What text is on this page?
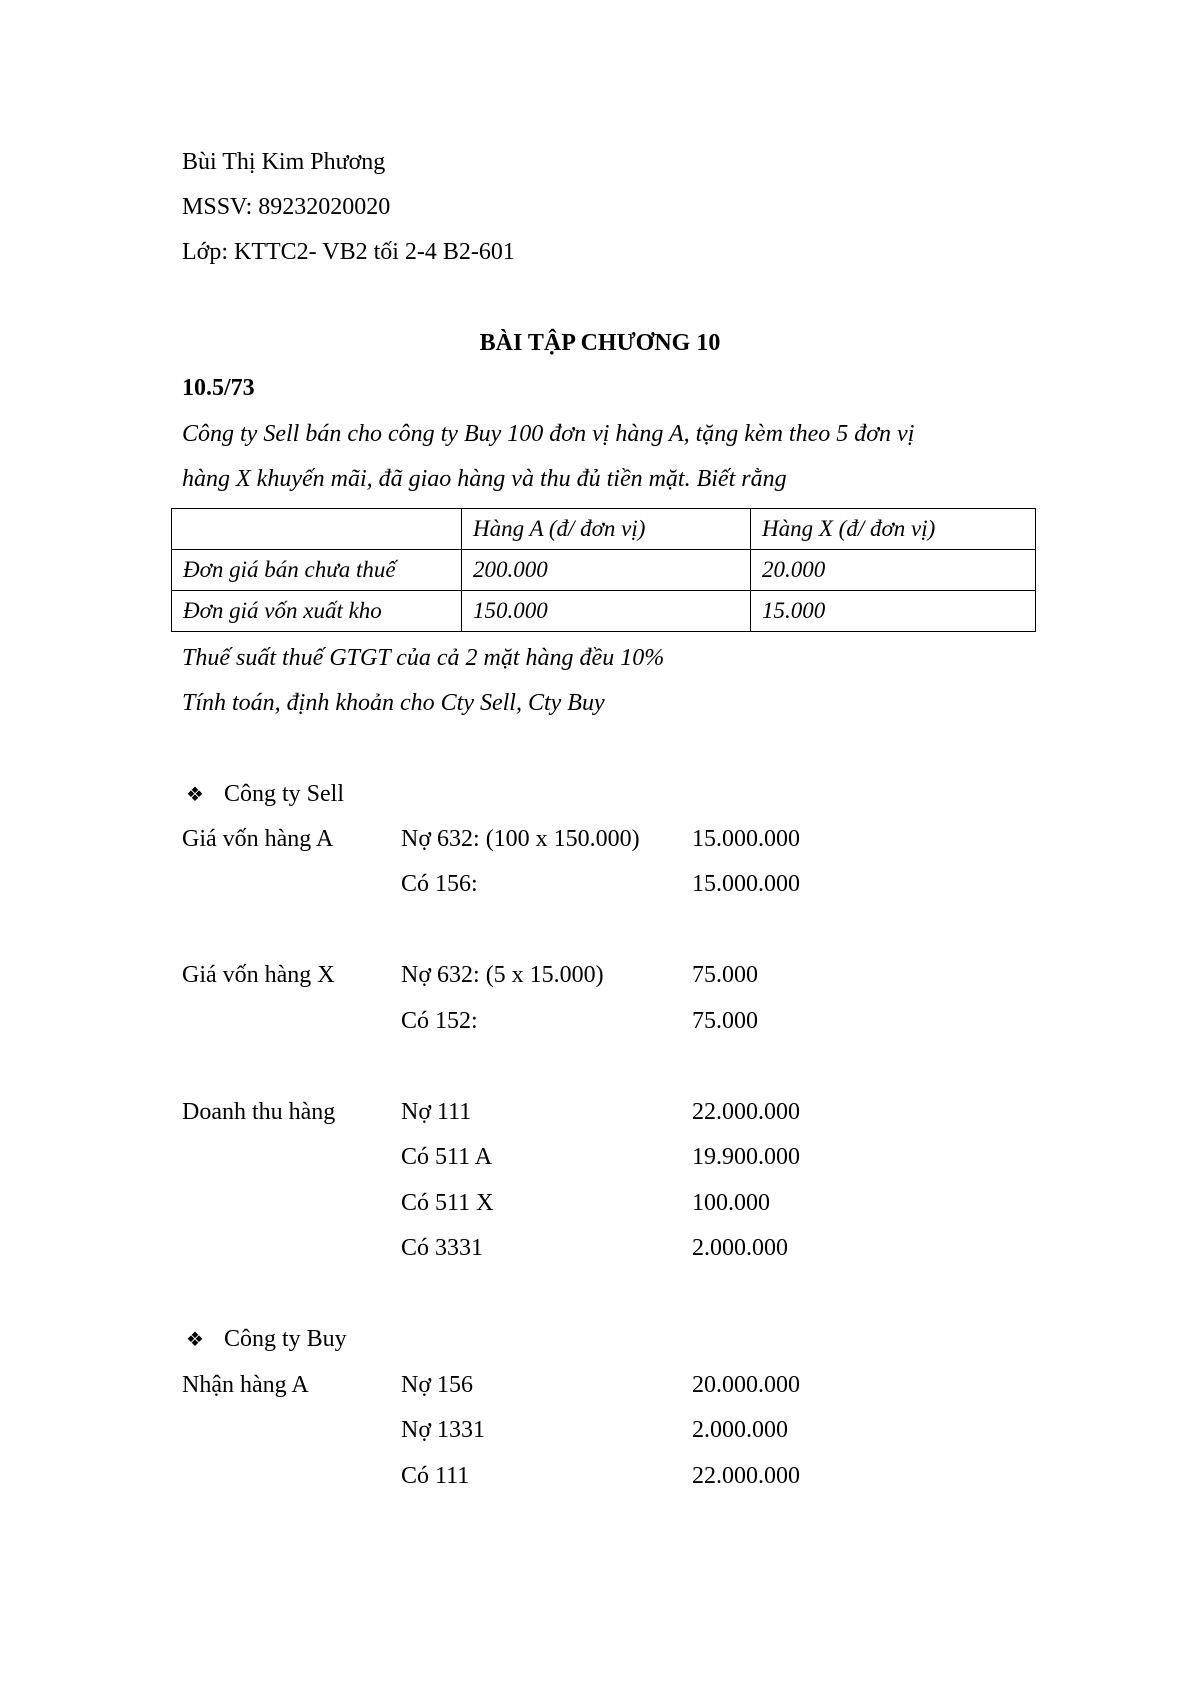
Bùi Thị Kim Phương
MSSV: 89232020020
Lớp: KTTC2- VB2 tối 2-4 B2-601
BÀI TẬP CHƯƠNG 10
10.5/73
Công ty Sell bán cho công ty Buy 100 đơn vị hàng A, tặng kèm theo 5 đơn vị
hàng X khuyến mãi, đã giao hàng và thu đủ tiền mặt. Biết rằng
	Hàng A (đ/ đơn vị)	Hàng X (đ/ đơn vị)
Đơn giá bán chưa thuế	200.000	20.000
Đơn giá vốn xuất kho	150.000	15.000
Thuế suất thuế GTGT của cả 2 mặt hàng đều 10%
Tính toán, định khoản cho Cty Sell, Cty Buy
❖ Công ty Sell
Giá vốn hàng A	Nợ 632: (100 x 150.000) 15.000.000
Có 156:	15.000.000
Giá vốn hàng X	Nợ 632: (5 x 15.000)	75.000
Có 152:	75.000
Doanh thu hàng	Nợ 111	22.000.000
Có 511 A	19.900.000
Có 511 X	100.000
Có 3331	2.000.000
❖ Công ty Buy
Nhận hàng A	Nợ 156	20.000.000
Nợ 1331	2.000.000
Có 111	22.000.000
